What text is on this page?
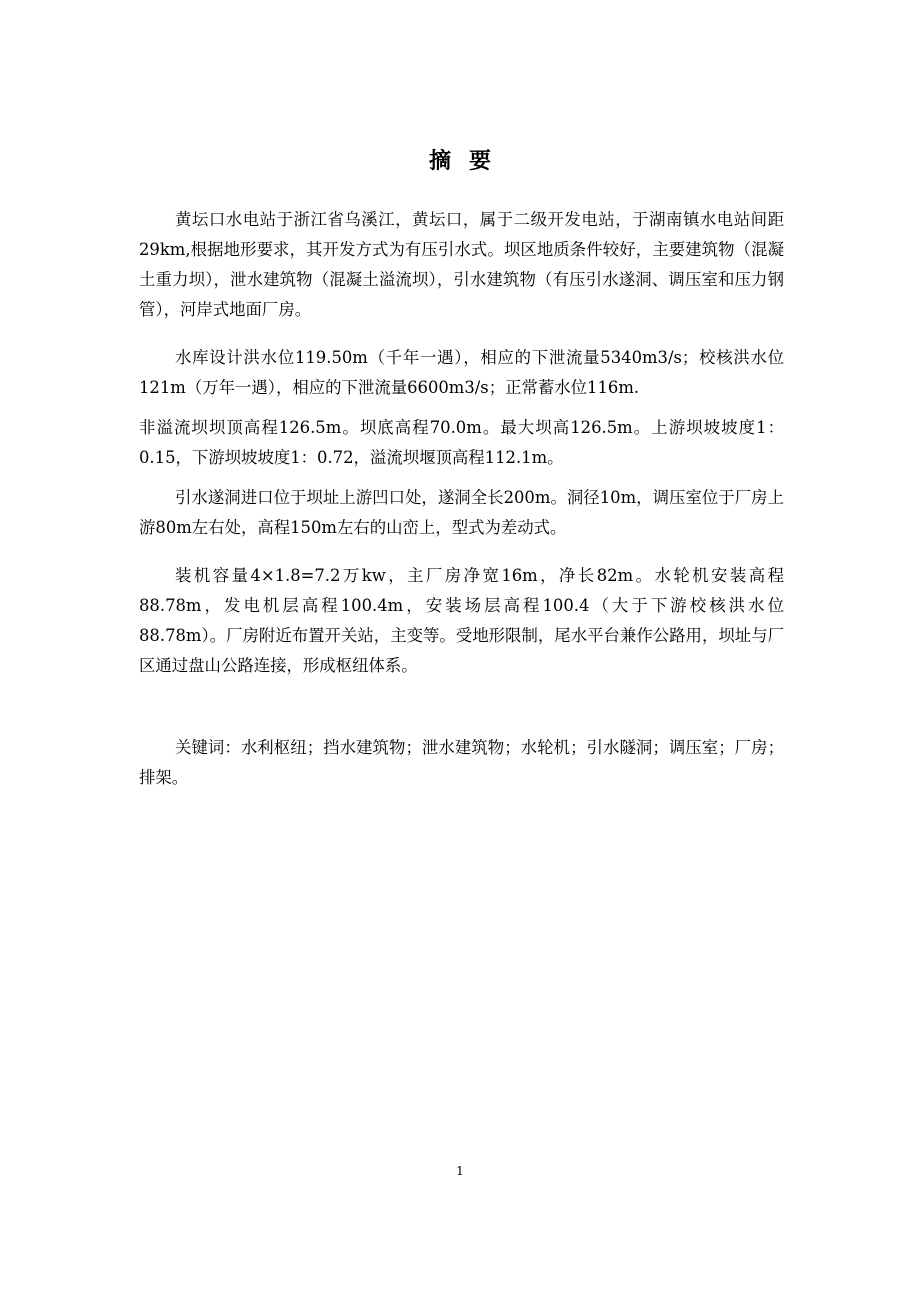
摘要

黄坛口水电站于浙江省乌溪江，黄坛口，属于二级开发电站，于湖南镇水电站间距29km,根据地形要求，其开发方式为有压引水式。坝区地质条件较好，主要建筑物（混凝土重力坝），泄水建筑物（混凝土溢流坝），引水建筑物（有压引水遂洞、调压室和压力钢管），河岸式地面厂房。

水库设计洪水位119.50m（千年一遇），相应的下泄流量5340m3/s；校核洪水位121m（万年一遇），相应的下泄流量6600m3/s；正常蓄水位116m.

非溢流坝坝顶高程126.5m。坝底高程70.0m。最大坝高126.5m。上游坝坡坡度1：0.15，下游坝坡坡度1：0.72，溢流坝堰顶高程112.1m。

引水遂洞进口位于坝址上游凹口处，遂洞全长200m。洞径10m，调压室位于厂房上游80m左右处，高程150m左右的山峦上，型式为差动式。

装机容量4×1.8=7.2万kw，主厂房净宽16m，净长82m。水轮机安装高程88.78m，发电机层高程100.4m，安装场层高程100.4（大于下游校核洪水位88.78m）。厂房附近布置开关站，主变等。受地形限制，尾水平台兼作公路用，坝址与厂区通过盘山公路连接，形成枢纽体系。

关键词：水利枢纽；挡水建筑物；泄水建筑物；水轮机；引水隧洞；调压室；厂房；排架。

1
